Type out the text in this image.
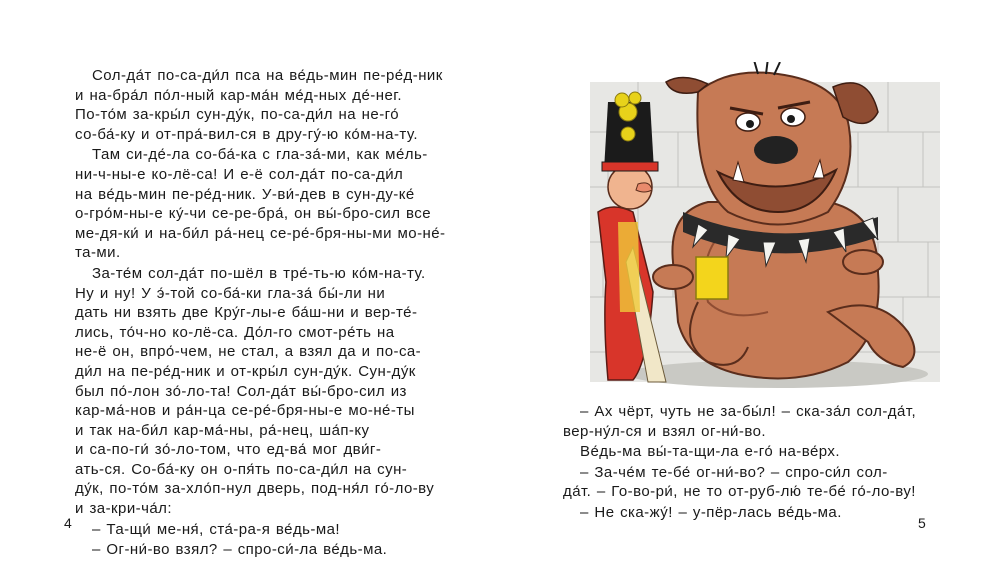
Сол-да́т по-са-ди́л пса на ве́дь-мин пе-ре́д-ник
и на-бра́л по́л-ный кар-ма́н ме́д-ных де́-нег.
По-то́м за-кры́л сун-ду́к, по-са-ди́л на не-го́
со-ба́-ку и от-пра́-вил-ся в дру-гу́-ю ко́м-на-ту.
Там си-де́-ла со-ба́-ка с гла-за́-ми, как ме́ль-
ни-ч-ны-е ко-лё-са! И е-ё сол-да́т по-са-ди́л
на ве́дь-мин пе-ре́д-ник. У-ви́-дев в сун-ду-ке́
о-гро́м-ны-е ку́-чи се-ре-бра́, он вы́-бро-сил все
ме-дя-ки́ и на-би́л ра́-нец се-ре́-бря-ны-ми мо-не́-
та-ми.
За-те́м сол-да́т по-шёл в тре́-ть-ю ко́м-на-ту.
Ну и ну! У э́-той со-ба́-ки гла-за́ бы́-ли ни
дать ни взять две Кру́г-лы-е ба́ш-ни и вер-те́-
лись, то́ч-но ко-лё-са. До́л-го смот-ре́ть на
не-ё он, впро́-чем, не стал, а взял да и по-са-
ди́л на пе-ре́д-ник и от-кры́л сун-ду́к. Сун-ду́к
был по́-лон зо́-ло-та! Сол-да́т вы́-бро-сил из
кар-ма́-нов и ра́н-ца се-ре́-бря-ны-е мо-не́-ты
и так на-би́л кар-ма́-ны, ра́-нец, ша́п-ку
и са-по-ги́ зо́-ло-том, что ед-ва́ мог дви́г-
ать-ся. Со-ба́-ку он о-пя́ть по-са-ди́л на сун-
ду́к, по-то́м за-хло́п-нул дверь, под-ня́л го́-ло-ву
и за-кри-ча́л:
– Та-щи́ ме-ня́, ста́-ра-я ве́дь-ма!
– Ог-ни́-во взял? – спро-си́-ла ве́дь-ма.
4	5
– Ах чёрт, чуть не за-бы́л! – ска-за́л сол-да́т,
вер-ну́л-ся и взял ог-ни́-во.
Ве́дь-ма вы́-та-щи-ла е-го́ на-ве́рх.
– За-че́м те-бе́ ог-ни́-во? – спро-си́л сол-
да́т. – Го-во-ри́, не то от-руб-лю́ те-бе́ го́-ло-ву!
– Не ска-жу́! – у-пёр-лась ве́дь-ма.
